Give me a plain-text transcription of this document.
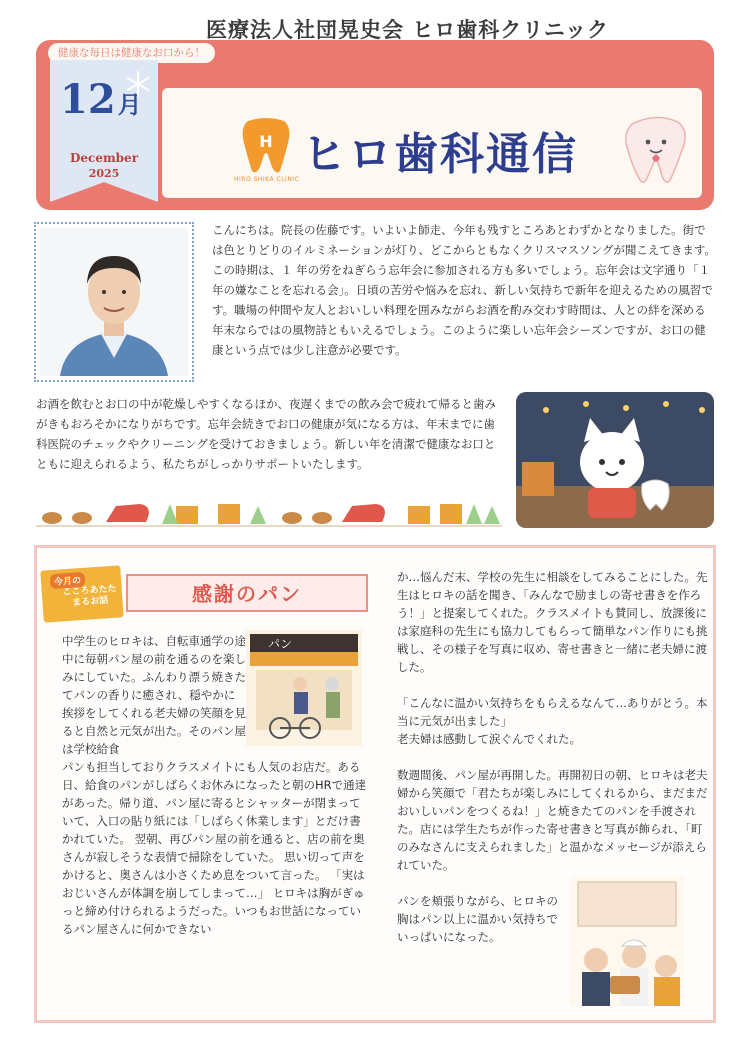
健康な毎日は健康なお口から！
医療法人社団晃史会 ヒロ歯科クリニック
12月
December
2025
H
HIRO SHIKA CLINIC ヒロ歯科通信
こんにちは。院長の佐藤です。いよいよ師走、今年も残すところあとわずかとなりました。街では色とりどりのイルミネーションが灯り、どこからともなくクリスマスソングが聞こえてきます。この時期は、１ 年の労をねぎらう忘年会に参加される方も多いでしょう。忘年会は文字通り「１ 年の嫌なことを忘れる会」。日頃の苦労や悩みを忘れ、新しい気持ちで新年を迎えるための風習です。職場の仲間や友人とおいしい料理を囲みながらお酒を酌み交わす時間は、人との絆を深める年末ならではの風物詩ともいえるでしょう。このように楽しい忘年会シーズンですが、お口の健康という点では少し注意が必要です。
お酒を飲むとお口の中が乾燥しやすくなるほか、夜遅くまでの飲み会で疲れて帰ると歯みがきもおろそかになりがちです。忘年会続きでお口の健康が気になる方は、年末までに歯科医院のチェックやクリーニングを受けておきましょう。新しい年を清潔で健康なお口とともに迎えられるよう、私たちがしっかりサポートいたします。
今月の
こころあたたまるお話	感謝のパン
中学生のヒロキは、自転車通学の途中に毎朝パン屋の前を通るのを楽しみにしていた。ふんわり漂う焼きたてパンの香りに癒され、穏やかに挨拶をしてくれる老夫婦の笑顔を見ると自然と元気が出た。そのパン屋は学校給食
パン
パンも担当しておりクラスメイトにも人気のお店だ。ある日、給食のパンがしばらくお休みになったと朝のHRで通達があった。帰り道、パン屋に寄るとシャッターが閉まっていて、入口の貼り紙には「しばらく休業します」とだけ書かれていた。 翌朝、再びパン屋の前を通ると、店の前を奥さんが寂しそうな表情で掃除をしていた。 思い切って声をかけると、奥さんは小さくため息をついて言った。 「実はおじいさんが体調を崩してしまって…」 ヒロキは胸がぎゅっと締め付けられるようだった。いつもお世話になっているパン屋さんに何かできない

か…悩んだ末、学校の先生に相談をしてみることにした。先生はヒロキの話を聞き、「みんなで励ましの寄せ書きを作ろう！」と提案してくれた。クラスメイトも賛同し、放課後には家庭科の先生にも協力してもらって簡単なパン作りにも挑戦し、その様子を写真に収め、寄せ書きと一緒に老夫婦に渡した。

「こんなに温かい気持ちをもらえるなんて…ありがとう。本当に元気が出ました」
老夫婦は感動して涙ぐんでくれた。

数週間後、パン屋が再開した。再開初日の朝、ヒロキは老夫婦から笑顔で「君たちが楽しみにしてくれるから、まだまだおいしいパンをつくるね！」と焼きたてのパンを手渡された。店には学生たちが作った寄せ書きと写真が飾られ、「町のみなさんに支えられました」と温かなメッセージが添えられていた。

パンを頬張りながら、ヒロキの胸はパン以上に温かい気持ちでいっぱいになった。
